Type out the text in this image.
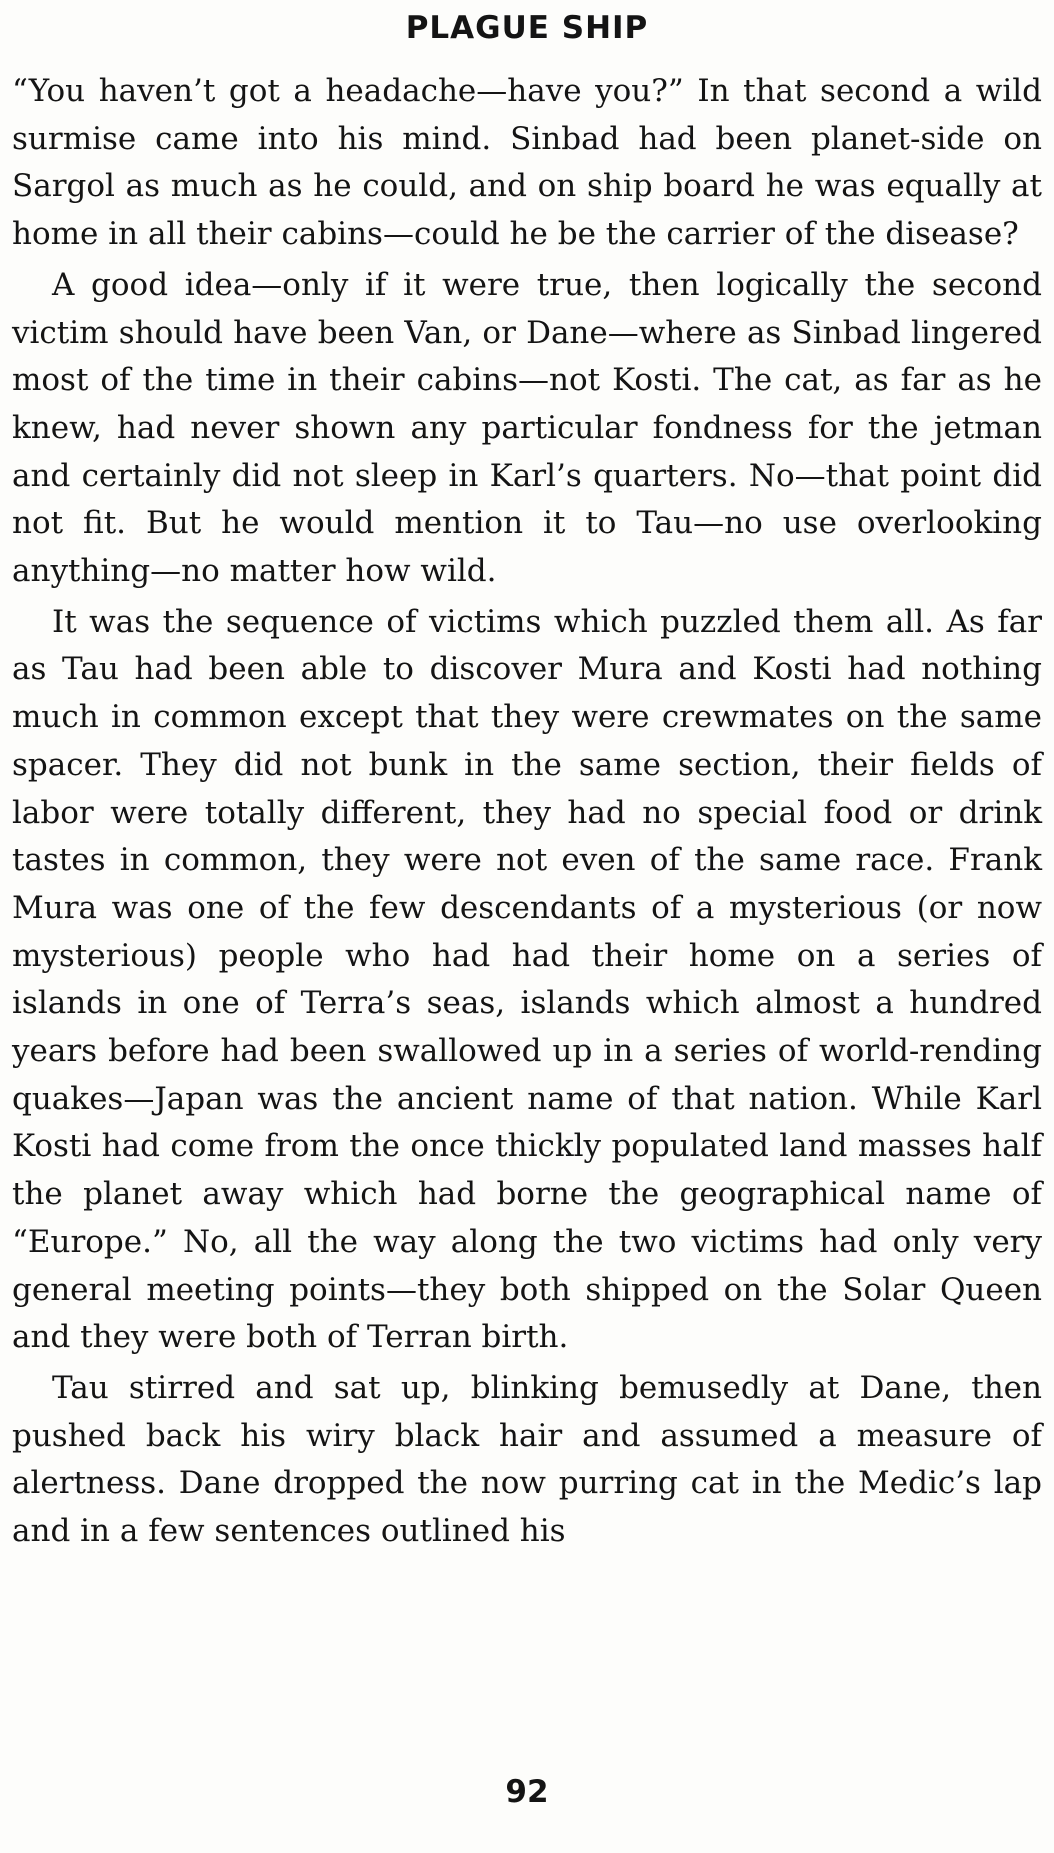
PLAGUE SHIP

“You haven’t got a headache—have you?” In that second a wild surmise came into his mind. Sinbad had been planet-side on Sargol as much as he could, and on ship board he was equally at home in all their cabins—could he be the carrier of the disease?

A good idea—only if it were true, then logically the second victim should have been Van, or Dane—where as Sinbad lingered most of the time in their cabins—not Kosti. The cat, as far as he knew, had never shown any particular fondness for the jetman and certainly did not sleep in Karl’s quarters. No—that point did not fit. But he would mention it to Tau—no use overlooking anything—no matter how wild.

It was the sequence of victims which puzzled them all. As far as Tau had been able to discover Mura and Kosti had nothing much in common except that they were crewmates on the same spacer. They did not bunk in the same section, their fields of labor were totally different, they had no special food or drink tastes in common, they were not even of the same race. Frank Mura was one of the few descendants of a mysterious (or now mysterious) people who had had their home on a series of islands in one of Terra’s seas, islands which almost a hundred years before had been swallowed up in a series of world-rending quakes—Japan was the ancient name of that nation. While Karl Kosti had come from the once thickly populated land masses half the planet away which had borne the geographical name of “Europe.” No, all the way along the two victims had only very general meeting points—they both shipped on the Solar Queen and they were both of Terran birth.

Tau stirred and sat up, blinking bemusedly at Dane, then pushed back his wiry black hair and assumed a measure of alertness. Dane dropped the now purring cat in the Medic’s lap and in a few sentences outlined his

92
